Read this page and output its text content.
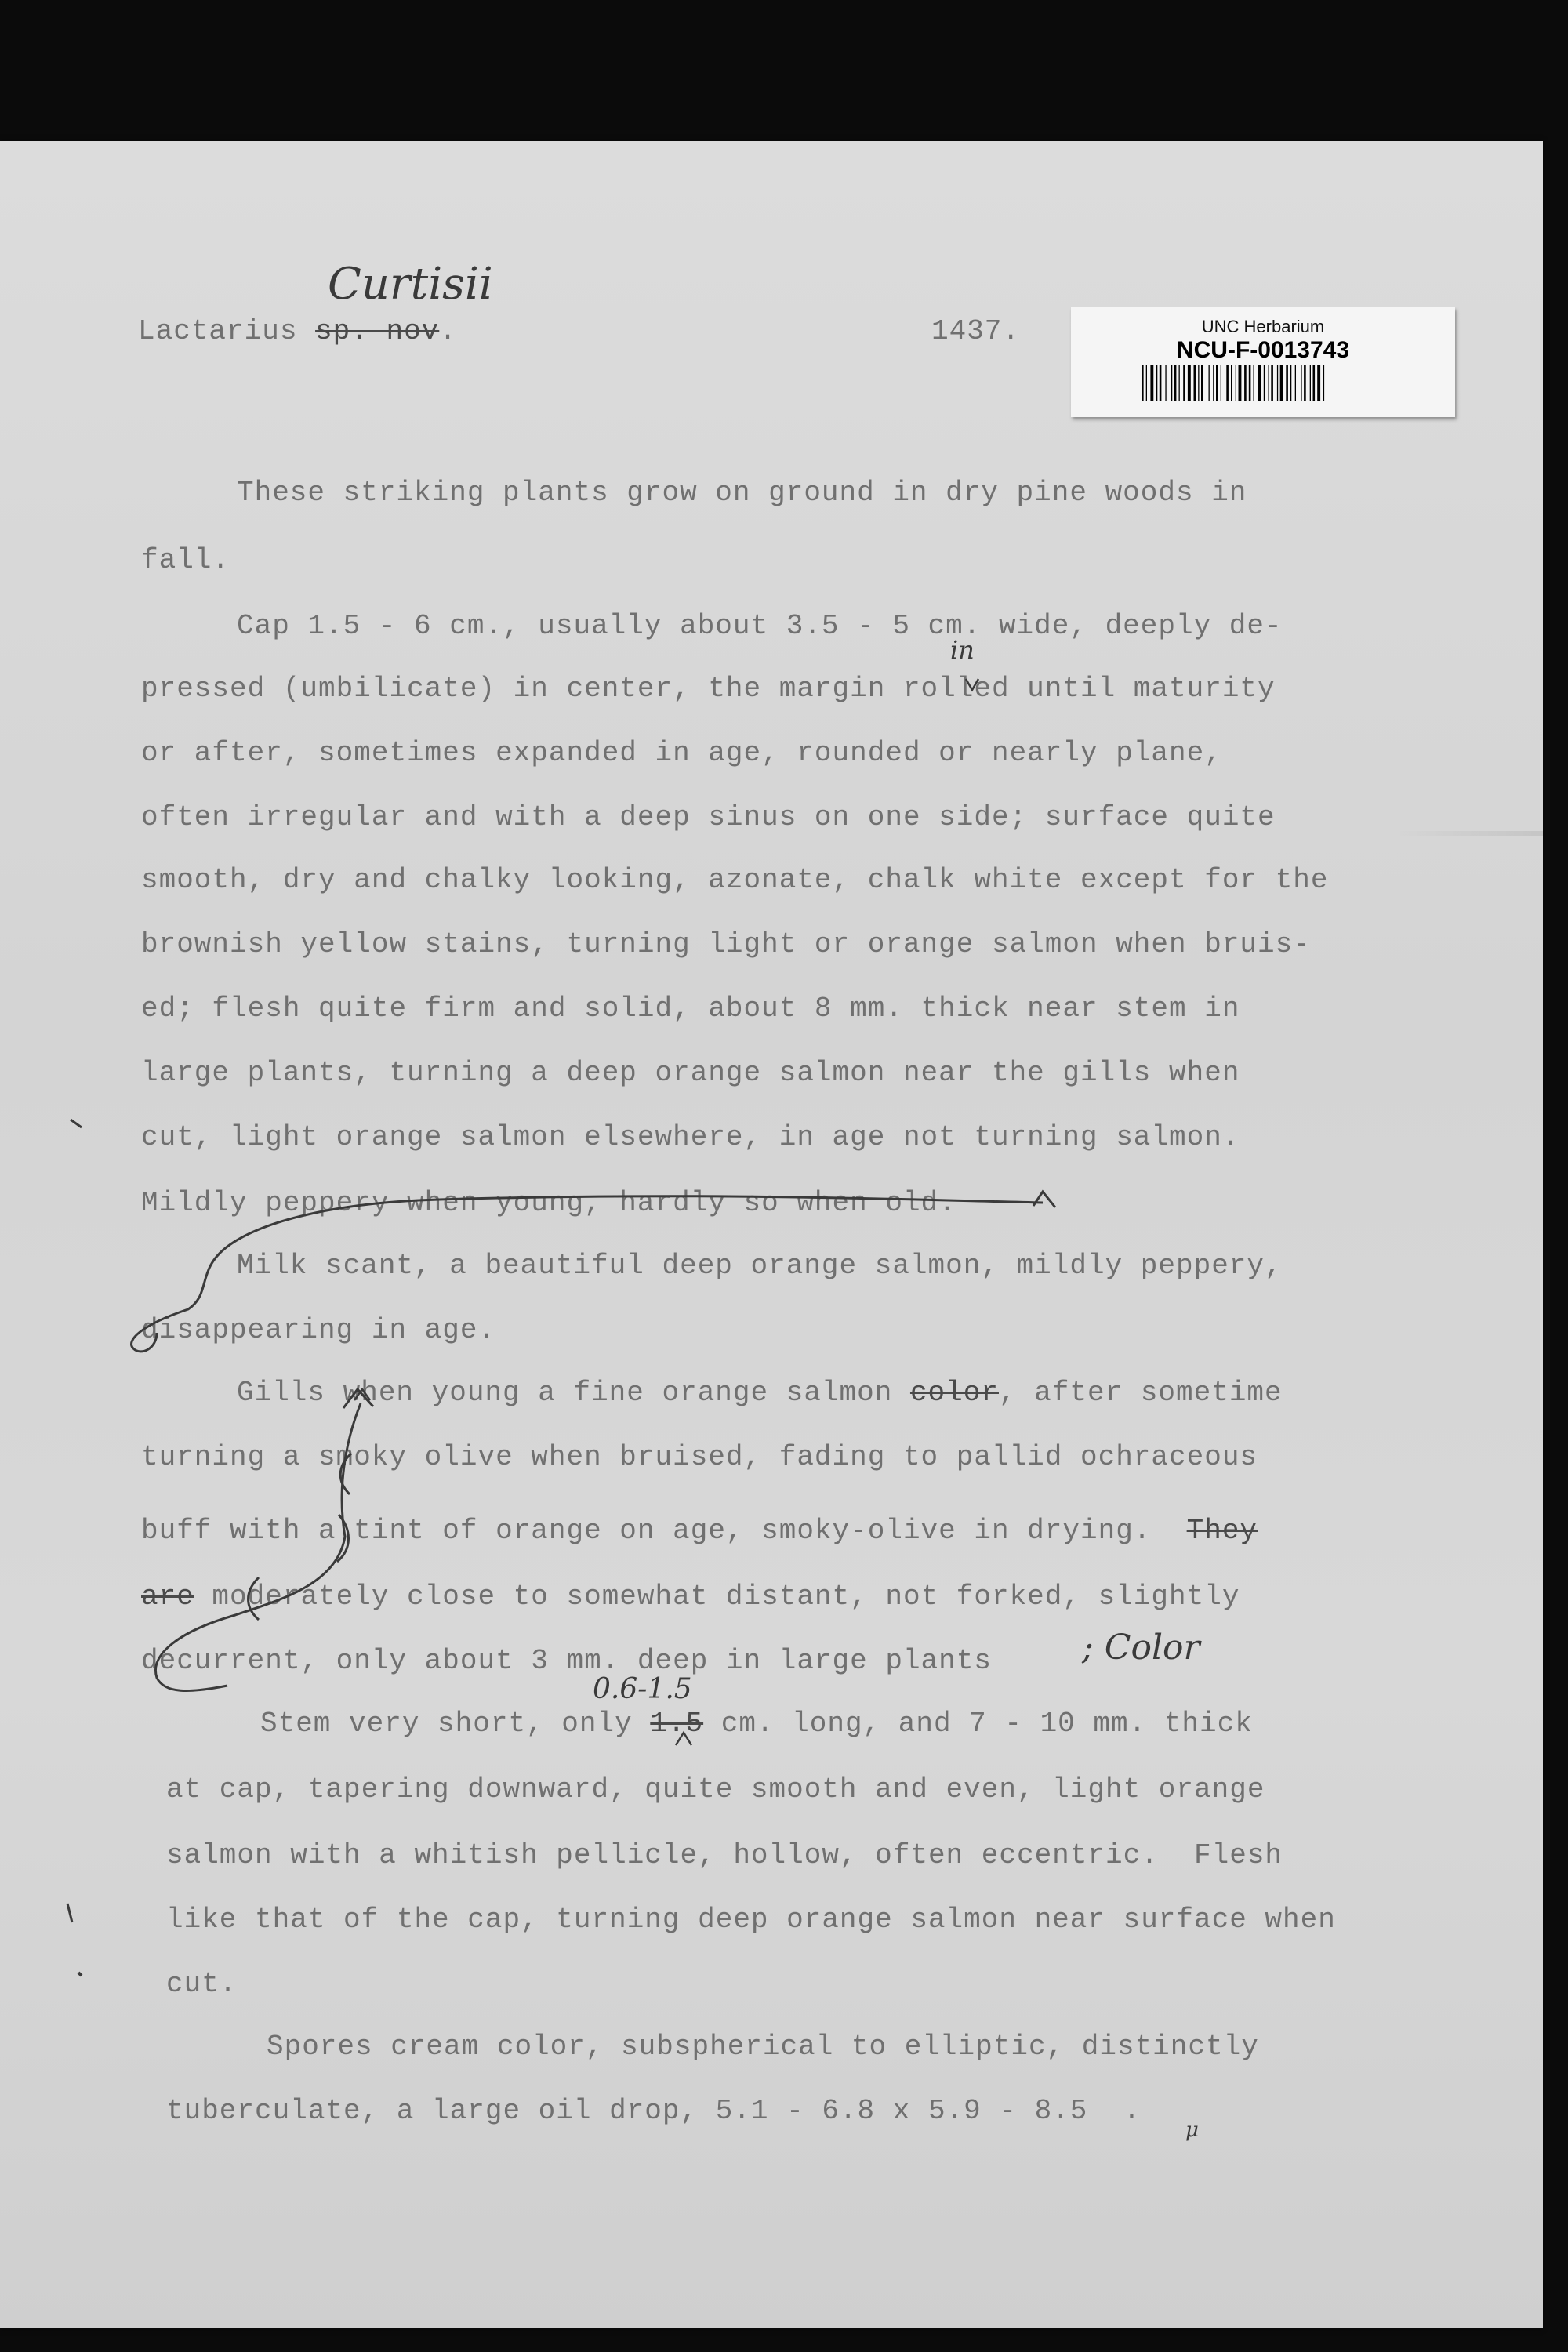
Lactarius sp. nov.

Curtisii

1437.	UNC Herbarium
NCU-F-0013743

These striking plants grow on ground in dry pine woods in

fall.

Cap 1.5 - 6 cm., usually about 3.5 - 5 cm. wide, deeply de-

in

pressed (umbilicate) in center, the margin rolled until maturity

or after, sometimes expanded in age, rounded or nearly plane,

often irregular and with a deep sinus on one side; surface quite

smooth, dry and chalky looking, azonate, chalk white except for the

brownish yellow stains, turning light or orange salmon when bruis-

ed; flesh quite firm and solid, about 8 mm. thick near stem in

large plants, turning a deep orange salmon near the gills when

cut, light orange salmon elsewhere, in age not turning salmon.

Mildly peppery when young, hardly so when old.

Milk scant, a beautiful deep orange salmon, mildly peppery,

disappearing in age.

Gills when young a fine orange salmon color, after sometime

turning a smoky olive when bruised, fading to pallid ochraceous

buff with a tint of orange on age, smoky-olive in drying. They

are moderately close to somewhat distant, not forked, slightly

decurrent, only about 3 mm. deep in large plants	; Color

0.6-1.5

Stem very short, only 1.5 cm. long, and 7 - 10 mm. thick

at cap, tapering downward, quite smooth and even, light orange

salmon with a whitish pellicle, hollow, often eccentric.  Flesh

like that of the cap, turning deep orange salmon near surface when

cut.

Spores cream color, subspherical to elliptic, distinctly

tuberculate, a large oil drop, 5.1 - 6.8 x 5.9 - 8.5  .

μ
